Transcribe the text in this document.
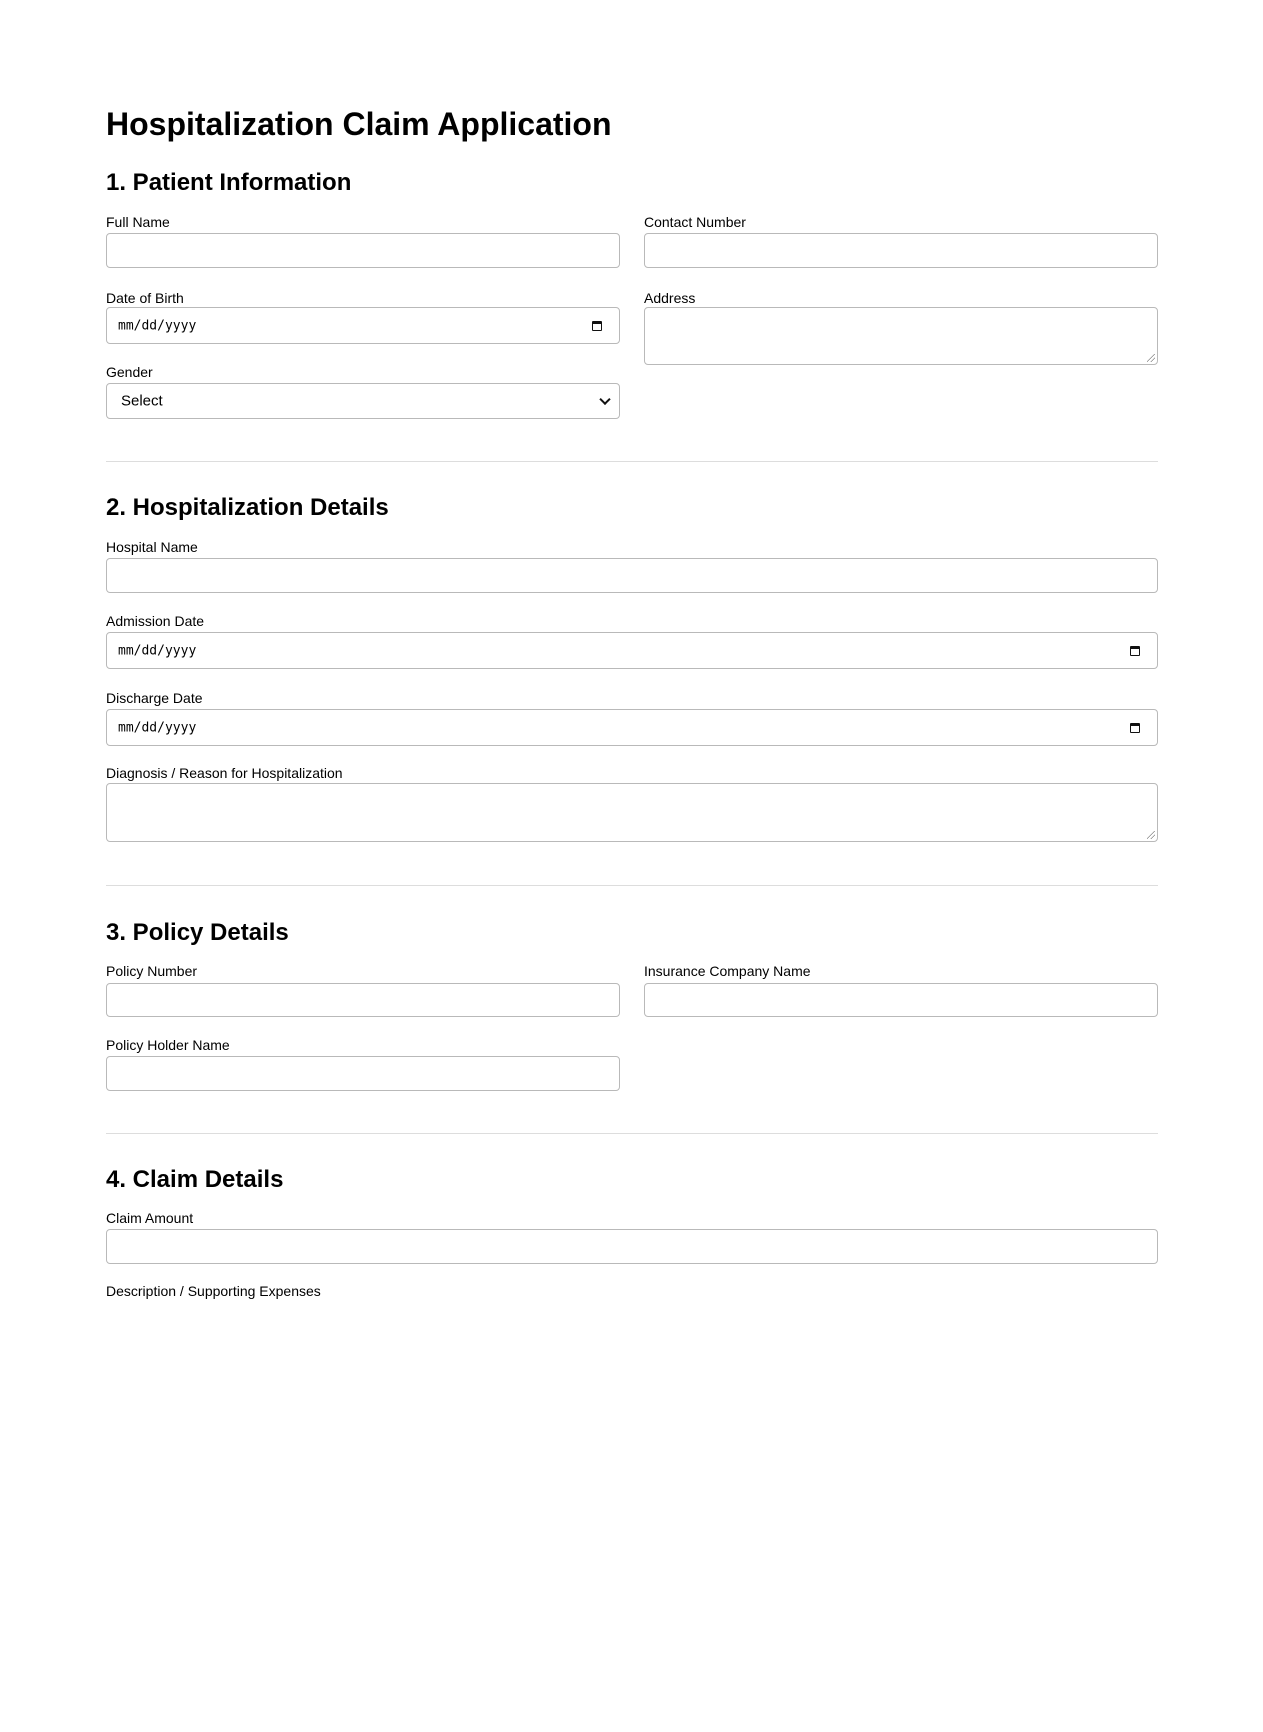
Hospitalization Claim Application
1. Patient Information
Full Name	Contact Number
Date of Birth
mm/dd/yyyy
Address
Gender
Select
2. Hospitalization Details
Hospital Name
Admission Date
mm/dd/yyyy
Discharge Date
mm/dd/yyyy
Diagnosis / Reason for Hospitalization
3. Policy Details
Policy Number	Insurance Company Name
Policy Holder Name
4. Claim Details
Claim Amount
Description / Supporting Expenses
